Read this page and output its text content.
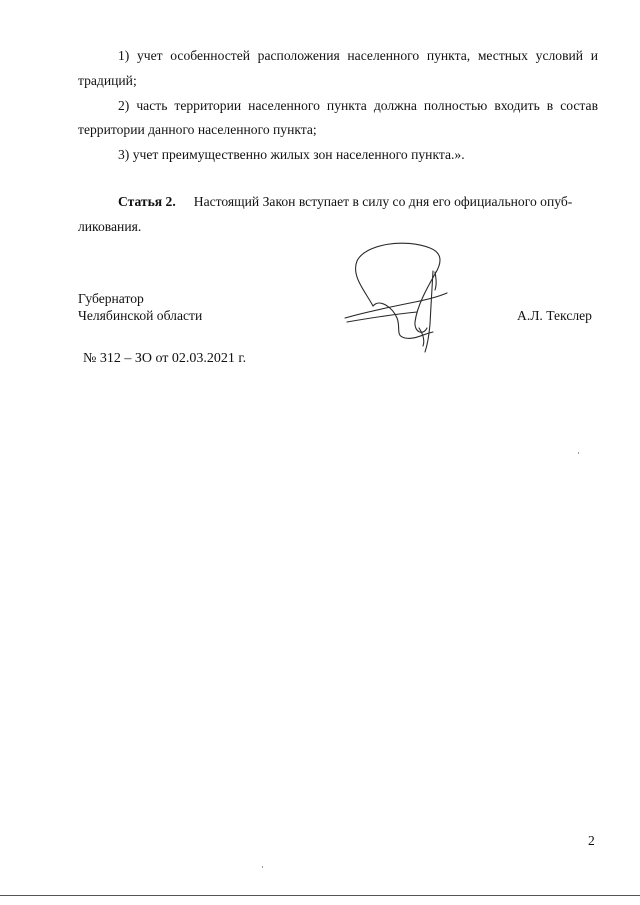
1) учет особенностей расположения населенного пункта, местных условий и
традиций;
2) часть территории населенного пункта должна полностью входить в состав
территории данного населенного пункта;
3) учет преимущественно жилых зон населенного пункта.».
Статья 2. Настоящий Закон вступает в силу со дня его официального опуб-
ликования.
Губернатор
Челябинской области	А.Л. Текслер
№ 312 – ЗО от 02.03.2021 г.
2
